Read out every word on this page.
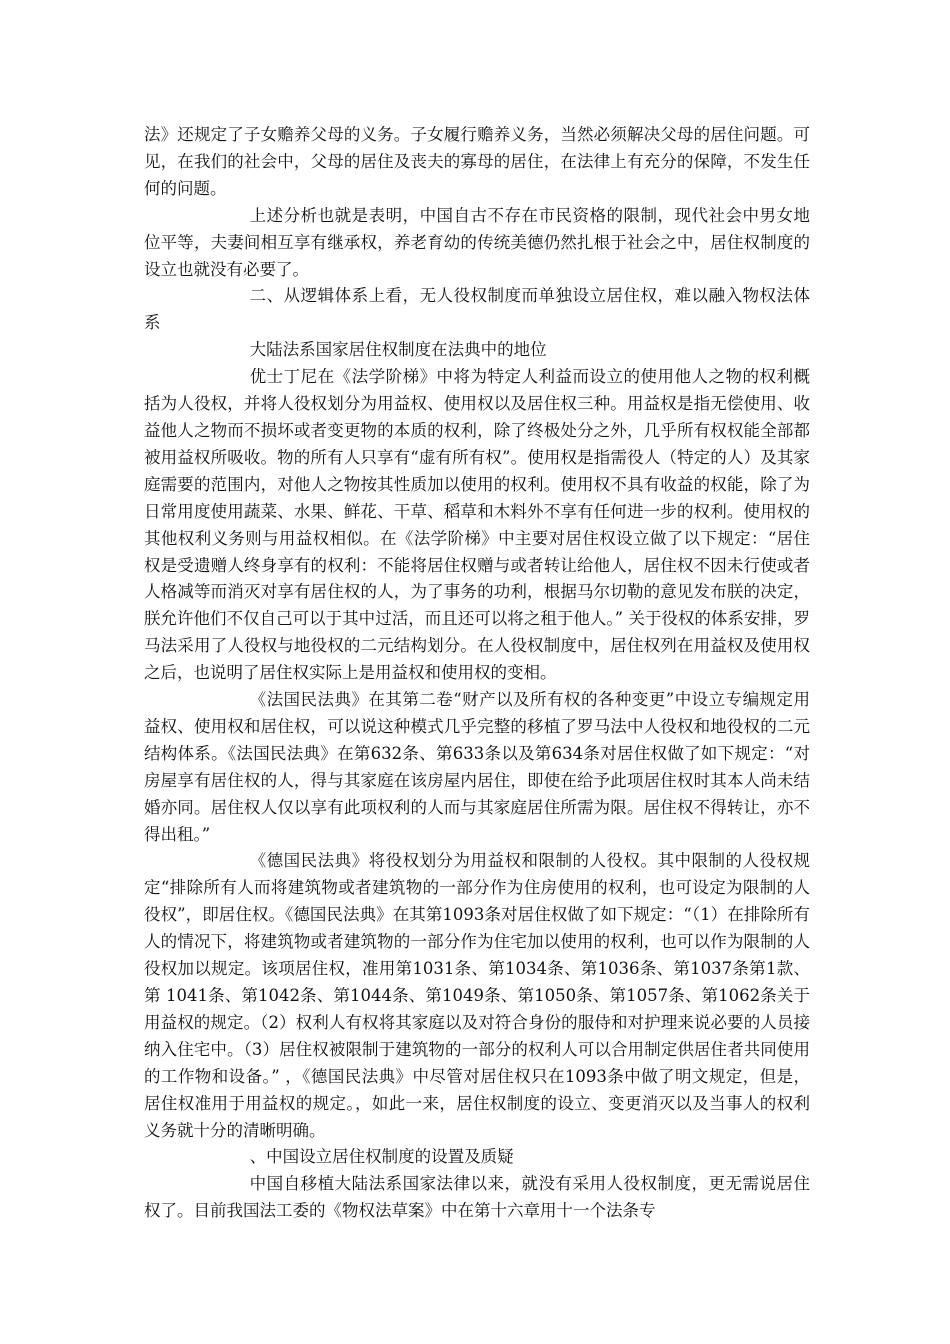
法》还规定了子女赡养父母的义务。子女履行赡养义务，当然必须解决父母的居住问题。可见，在我们的社会中，父母的居住及丧夫的寡母的居住，在法律上有充分的保障，不发生任何的问题。

上述分析也就是表明，中国自古不存在市民资格的限制，现代社会中男女地位平等，夫妻间相互享有继承权，养老育幼的传统美德仍然扎根于社会之中，居住权制度的设立也就没有必要了。

二、从逻辑体系上看，无人役权制度而单独设立居住权，难以融入物权法体系

大陆法系国家居住权制度在法典中的地位

优士丁尼在《法学阶梯》中将为特定人利益而设立的使用他人之物的权利概括为人役权，并将人役权划分为用益权、使用权以及居住权三种。用益权是指无偿使用、收益他人之物而不损坏或者变更物的本质的权利，除了终极处分之外，几乎所有权权能全部都被用益权所吸收。物的所有人只享有“虚有所有权”。使用权是指需役人（特定的人）及其家庭需要的范围内，对他人之物按其性质加以使用的权利。使用权不具有收益的权能，除了为日常用度使用蔬菜、水果、鲜花、干草、稻草和木料外不享有任何进一步的权利。使用权的其他权利义务则与用益权相似。在《法学阶梯》中主要对居住权设立做了以下规定：“居住权是受遗赠人终身享有的权利：不能将居住权赠与或者转让给他人，居住权不因未行使或者人格减等而消灭对享有居住权的人，为了事务的功利，根据马尔切勒的意见发布朕的决定，朕允许他们不仅自己可以于其中过活，而且还可以将之租于他人。” 关于役权的体系安排，罗马法采用了人役权与地役权的二元结构划分。在人役权制度中，居住权列在用益权及使用权之后，也说明了居住权实际上是用益权和使用权的变相。

《法国民法典》在其第二卷“财产以及所有权的各种变更”中设立专编规定用益权、使用权和居住权，可以说这种模式几乎完整的移植了罗马法中人役权和地役权的二元结构体系。《法国民法典》在第632条、第633条以及第634条对居住权做了如下规定：“对房屋享有居住权的人，得与其家庭在该房屋内居住，即使在给予此项居住权时其本人尚未结婚亦同。居住权人仅以享有此项权利的人而与其家庭居住所需为限。居住权不得转让，亦不得出租。”

《德国民法典》将役权划分为用益权和限制的人役权。其中限制的人役权规定“排除所有人而将建筑物或者建筑物的一部分作为住房使用的权利，也可设定为限制的人役权”，即居住权。《德国民法典》在其第1093条对居住权做了如下规定：“（1）在排除所有人的情况下，将建筑物或者建筑物的一部分作为住宅加以使用的权利，也可以作为限制的人役权加以规定。该项居住权，准用第1031条、第1034条、第1036条、第1037条第1款、第 1041条、第1042条、第1044条、第1049条、第1050条、第1057条、第1062条关于用益权的规定。（2）权利人有权将其家庭以及对符合身份的服侍和对护理来说必要的人员接纳入住宅中。（3）居住权被限制于建筑物的一部分的权利人可以合用制定供居住者共同使用的工作物和设备。” ，《德国民法典》中尽管对居住权只在1093条中做了明文规定，但是，居住权准用于用益权的规定。，如此一来，居住权制度的设立、变更消灭以及当事人的权利义务就十分的清晰明确。

、中国设立居住权制度的设置及质疑

中国自移植大陆法系国家法律以来，就没有采用人役权制度，更无需说居住权了。目前我国法工委的《物权法草案》中在第十六章用十一个法条专
